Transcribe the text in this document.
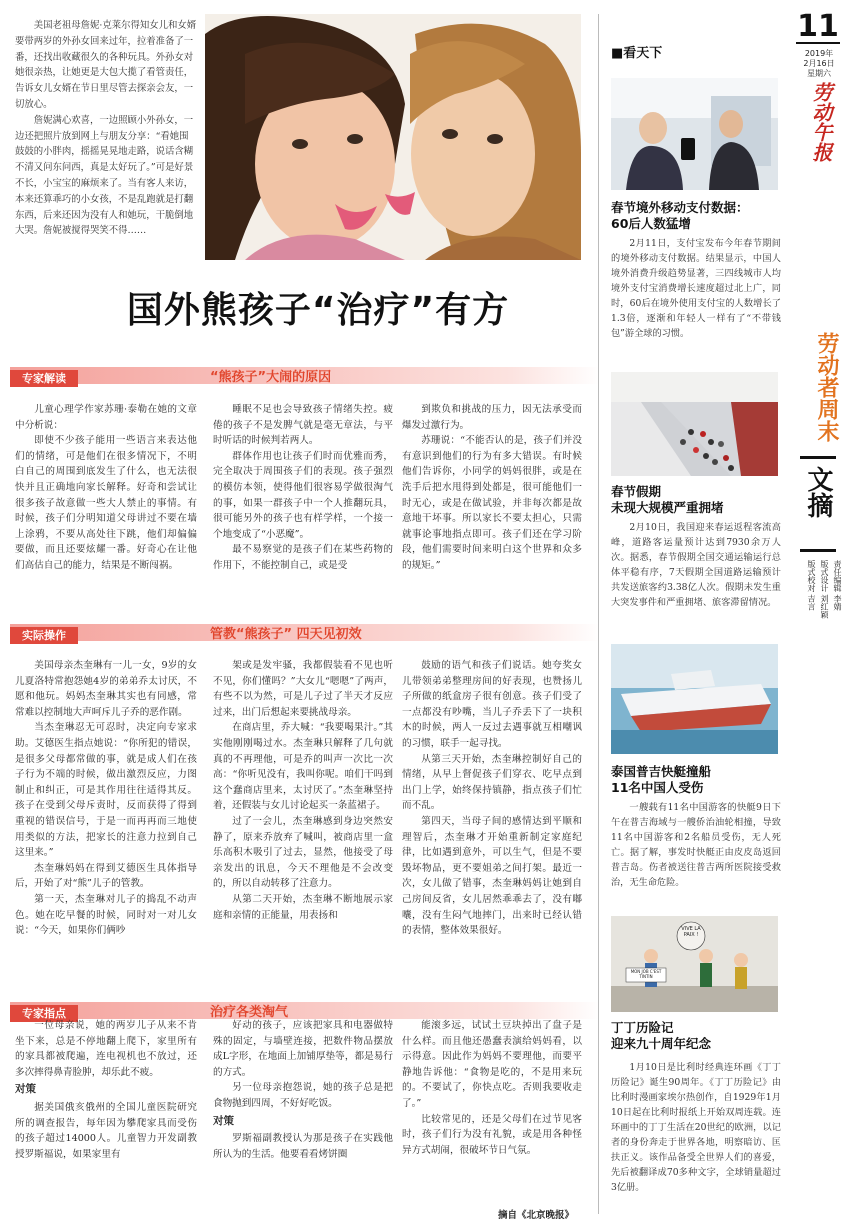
美国老祖母詹妮·克莱尔得知女儿和女婿要带两岁的外孙女回来过年，拉着准备了一番，还找出收藏很久的各种玩具。外孙女对她很亲热，让她更是大包大揽了看管责任，告诉女儿女婿在节日里尽管去探亲会友，一切放心。

詹妮满心欢喜，一边照顾小外孙女，一边还把照片放到网上与朋友分享：“看她围鼓鼓的小胖肉，摇摇晃晃地走路，说话含糊不清又问东问西，真是太好玩了。”可是好景不长，小宝宝的麻烦来了。当有客人来访，本来还算乖巧的小女孩，不是乱跑就是打翻东西，后来还因为没有人和她玩，干脆倒地大哭。詹妮被搅得哭笑不得……

国外熊孩子“治疗”有方
专家解读	“熊孩子”大闹的原因

儿童心理学作家苏珊·泰勒在她的文章中分析说：

即使不少孩子能用一些语言来表达他们的情绪，可是他们在很多情况下，不明白自己的周围到底发生了什么，也无法很快并且正确地向家长解释。好奇和尝试让很多孩子故意做一些大人禁止的事情。有时候，孩子们分明知道父母讲过不要在墙上涂鸦，不要从高处往下跳，他们却偏偏要做，而且还要炫耀一番。好奇心在让他们高估自己的能力，结果是不断闯祸。

睡眠不足也会导致孩子情绪失控。疲倦的孩子不是发脾气就是毫无章法，与平时听话的时候判若两人。

群体作用也让孩子们时而优雅而秀，完全取决于周围孩子们的表现。孩子强烈的模仿本领，使得他们很容易学做很淘气的事，如果一群孩子中一个人推翻玩具，很可能另外的孩子也有样学样，一个接一个地变成了“小恶魔”。

最不易察觉的是孩子们在某些药物的作用下，不能控制自己，或是受

到欺负和挑战的压力，因无法承受而爆发过激行为。

苏珊说：“不能否认的是，孩子们并没有意识到他们的行为有多大错误。有时候他们告诉你，小同学的妈妈很胖，或是在洗手后把水甩得到处都是，很可能他们一时无心，或是在做试验，并非每次都是故意地干坏事。所以家长不要太担心，只需就事论事地指点即可。孩子们还在学习阶段，他们需要时间来明白这个世界和众多的规矩。”

实际操作	管教“熊孩子” 四天见初效

美国母亲杰奎琳有一儿一女，9岁的女儿夏洛特常抱怨她4岁的弟弟乔太讨厌，不愿和他玩。妈妈杰奎琳其实也有同感，常常难以控制地大声呵斥儿子乔的恶作剧。

当杰奎琳忍无可忍时，决定向专家求助。艾德医生指点她说：“你所犯的错误，是很多父母都常做的事，就是成人们在孩子行为不端的时候，做出激烈反应，力图制止和纠正，可是其作用往往适得其反。孩子在受到父母斥责时，反而获得了得到重视的错误信号，于是一而再再而三地使用类似的方法，把家长的注意力拉到自己这里来。”

杰奎琳妈妈在得到艾德医生具体指导后，开始了对“熊”儿子的管教。

第一天，杰奎琳对儿子的捣乱不动声色。她在吃早餐的时候，同时对一对儿女说：“今天，如果你们俩吵

架或是发牢骚，我都假装看不见也听不见，你们懂吗？”大女儿“嗯嗯”了两声，有些不以为然，可是儿子过了半天才反应过来，出门后想起来要挑战母亲。

在商店里，乔大喊：“我要喝果汁。”其实他刚刚喝过水。杰奎琳只解释了几句就真的不再理他，可是乔的叫声一次比一次高：“你听见没有，我叫你呢。咱们干吗到这个蠢商店里来，太讨厌了。”杰奎琳坚持着，还假装与女儿讨论起买一条蓝裙子。

过了一会儿，杰奎琳感到身边突然安静了，原来乔放弃了喊叫，被商店里一盒乐高积木吸引了过去，显然，他接受了母亲发出的讯息，今天不理他是不会改变的，所以自动转移了注意力。

从第二天开始，杰奎琳不断地展示家庭和亲情的正能量，用表扬和

鼓励的语气和孩子们说话。她夸奖女儿带领弟弟整理房间的好表现，也赞扬儿子所做的纸盒房子很有创意。孩子们受了一点都没有吵嘴，当儿子乔丢下了一块积木的时候，两人一反过去遇事就互相嘲讽的习惯，联手一起寻找。

从第三天开始，杰奎琳控制好自己的情绪，从早上督促孩子们穿衣、吃早点到出门上学，始终保持镇静，指点孩子们忙而不乱。

第四天，当母子间的感情达到平顺和理智后，杰奎琳才开始重新制定家庭纪律，比如遇到意外，可以生气，但是不要毁坏物品，更不要姐弟之间打架。最近一次，女儿做了错事，杰奎琳妈妈让她到自己房间反省，女儿居然乖乖去了，没有嘟囔，没有生闷气地摔门，出来时已经认错的表情，整体效果很好。

专家指点	治疗各类淘气

一位母亲说，她的两岁儿子从来不肯坐下来，总是不停地翻上爬下，家里所有的家具都被爬遍，连电视机也不放过，还多次摔得鼻青脸肿，却乐此不疲。

对策

据美国俄亥俄州的全国儿童医院研究所的调查报告，每年因为攀爬家具而受伤的孩子超过14000人。儿童智力开发副教授罗斯福说，如果家里有

好动的孩子，应该把家具和电器做特殊的固定，与墙壁连接，把数件物品摆放成L字形，在地面上加铺厚垫等，都是易行的方式。

另一位母亲抱怨说，她的孩子总是把食物抛到四周，不好好吃饭。

对策

罗斯福副教授认为那是孩子在实践他所认为的生活。他要看看烤饼圈

能滚多远，试试土豆块掉出了盘子是什么样。而且他还愚蠢表演给妈妈看，以示得意。因此作为妈妈不要理他，而要平静地告诉他：“食物是吃的，不是用来玩的。不要试了，你快点吃。否则我要收走了。”

比较常见的，还是父母们在过节见客时，孩子们行为没有礼貌，或是用各种怪异方式胡闹，很破坏节日气氛。

摘自《北京晚报》
■看天下
春节境外移动支付数据：
60后人数猛增
2月11日，支付宝发布今年春节期间的境外移动支付数据。结果显示，中国人境外消费升级趋势显著，三四线城市人均境外支付宝消费增长速度超过北上广，同时，60后在境外使用支付宝的人数增长了1.3倍，逐渐和年轻人一样有了“不带钱包”游全球的习惯。
春节假期
未现大规模严重拥堵
2月10日，我国迎来春运返程客流高峰，道路客运量预计达到7930余万人次。据悉，春节假期全国交通运输运行总体平稳有序，7天假期全国道路运输预计共发送旅客约3.38亿人次。假期未发生重大突发事件和严重拥堵、旅客滞留情况。
泰国普吉快艇撞船
11名中国人受伤
一艘载有11名中国游客的快艇9日下午在普吉海域与一艘侨治油轮相撞，导致11名中国游客和2名船员受伤，无人死亡。据了解，事发时快艇正由皮皮岛返回普吉岛。伤者被送往普吉两所医院接受救治，无生命危险。
VIVE LA PAIX !
MON JOB C'EST TINTIN
丁丁历险记
迎来九十周年纪念
1月10日是比利时经典连环画《丁丁历险记》诞生90周年。《丁丁历险记》由比利时漫画家埃尔热创作，自1929年1月10日起在比利时报纸上开始双周连载。连环画中的丁丁生活在20世纪的欧洲，以记者的身份奔走于世界各地，明察暗访、匡扶正义。该作品备受全世界人们的喜爱，先后被翻译成70多种文字，全球销量超过3亿册。
11
2019年
2月16日
星期六
劳动午报
劳动者周末
文摘
责任编辑 李婧
版式设计 刘红颖
版式校对 吉言
